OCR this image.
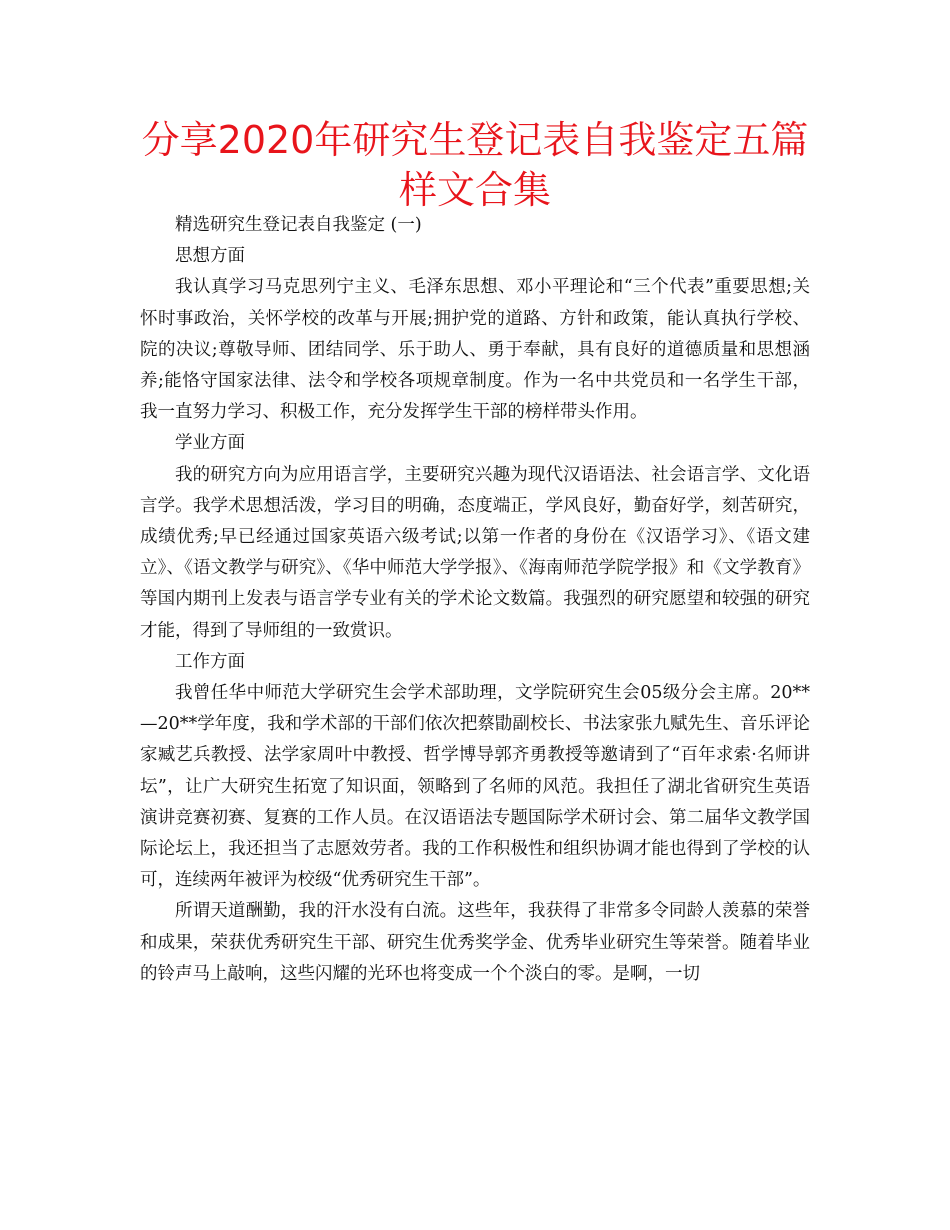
分享2020年研究生登记表自我鉴定五篇样文合集

精选研究生登记表自我鉴定 (一)

思想方面

我认真学习马克思列宁主义、毛泽东思想、邓小平理论和“三个代表”重要思想;关怀时事政治，关怀学校的改革与开展;拥护党的道路、方针和政策，能认真执行学校、院的决议;尊敬导师、团结同学、乐于助人、勇于奉献，具有良好的道德质量和思想涵养;能恪守国家法律、法令和学校各项规章制度。作为一名中共党员和一名学生干部，我一直努力学习、积极工作，充分发挥学生干部的榜样带头作用。

学业方面

我的研究方向为应用语言学，主要研究兴趣为现代汉语语法、社会语言学、文化语言学。我学术思想活泼，学习目的明确，态度端正，学风良好，勤奋好学，刻苦研究，成绩优秀;早已经通过国家英语六级考试;以第一作者的身份在《汉语学习》、《语文建立》、《语文教学与研究》、《华中师范大学学报》、《海南师范学院学报》和《文学教育》等国内期刊上发表与语言学专业有关的学术论文数篇。我强烈的研究愿望和较强的研究才能，得到了导师组的一致赏识。

工作方面

我曾任华中师范大学研究生会学术部助理，文学院研究生会05级分会主席。20**—20**学年度，我和学术部的干部们依次把蔡勖副校长、书法家张九赋先生、音乐评论家臧艺兵教授、法学家周叶中教授、哲学博导郭齐勇教授等邀请到了“百年求索·名师讲坛”，让广大研究生拓宽了知识面，领略到了名师的风范。我担任了湖北省研究生英语演讲竞赛初赛、复赛的工作人员。在汉语语法专题国际学术研讨会、第二届华文教学国际论坛上，我还担当了志愿效劳者。我的工作积极性和组织协调才能也得到了学校的认可，连续两年被评为校级“优秀研究生干部”。

所谓天道酬勤，我的汗水没有白流。这些年，我获得了非常多令同龄人羡慕的荣誉和成果，荣获优秀研究生干部、研究生优秀奖学金、优秀毕业研究生等荣誉。随着毕业的铃声马上敲响，这些闪耀的光环也将变成一个个淡白的零。是啊，一切
